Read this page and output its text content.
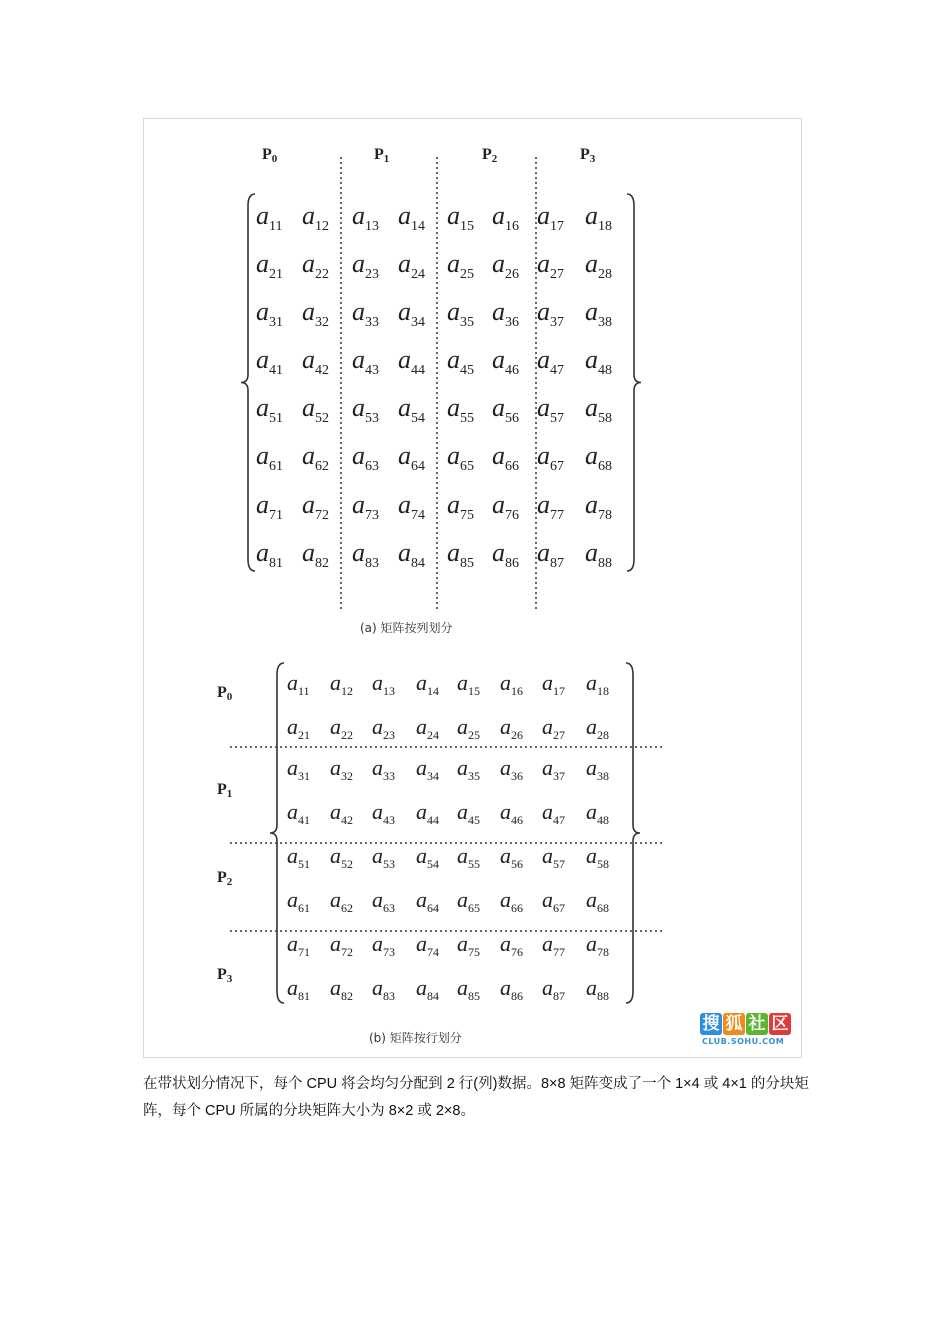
P0	P1	P2	P3
$a_{11}$ $a_{12}$ $a_{13}$ $a_{14}$ $a_{15}$ $a_{16}$ $a_{17}$ $a_{18}$
$a_{21}$ $a_{22}$ $a_{23}$ $a_{24}$ $a_{25}$ $a_{26}$ $a_{27}$ $a_{28}$
$a_{31}$ $a_{32}$ $a_{33}$ $a_{34}$ $a_{35}$ $a_{36}$ $a_{37}$ $a_{38}$
$a_{41}$ $a_{42}$ $a_{43}$ $a_{44}$ $a_{45}$ $a_{46}$ $a_{47}$ $a_{48}$
$a_{51}$ $a_{52}$ $a_{53}$ $a_{54}$ $a_{55}$ $a_{56}$ $a_{57}$ $a_{58}$
$a_{61}$ $a_{62}$ $a_{63}$ $a_{64}$ $a_{65}$ $a_{66}$ $a_{67}$ $a_{68}$
$a_{71}$ $a_{72}$ $a_{73}$ $a_{74}$ $a_{75}$ $a_{76}$ $a_{77}$ $a_{78}$
$a_{81}$ $a_{82}$ $a_{83}$ $a_{84}$ $a_{85}$ $a_{86}$ $a_{87}$ $a_{88}$
(a) 矩阵按列划分
P0
P1
P2
P3
$a_{11}$ $a_{12}$ $a_{13}$ $a_{14}$ $a_{15}$ $a_{16}$ $a_{17}$ $a_{18}$
$a_{21}$ $a_{22}$ $a_{23}$ $a_{24}$ $a_{25}$ $a_{26}$ $a_{27}$ $a_{28}$
$a_{31}$ $a_{32}$ $a_{33}$ $a_{34}$ $a_{35}$ $a_{36}$ $a_{37}$ $a_{38}$
$a_{41}$ $a_{42}$ $a_{43}$ $a_{44}$ $a_{45}$ $a_{46}$ $a_{47}$ $a_{48}$
$a_{51}$ $a_{52}$ $a_{53}$ $a_{54}$ $a_{55}$ $a_{56}$ $a_{57}$ $a_{58}$
$a_{61}$ $a_{62}$ $a_{63}$ $a_{64}$ $a_{65}$ $a_{66}$ $a_{67}$ $a_{68}$
$a_{71}$ $a_{72}$ $a_{73}$ $a_{74}$ $a_{75}$ $a_{76}$ $a_{77}$ $a_{78}$
$a_{81}$ $a_{82}$ $a_{83}$ $a_{84}$ $a_{85}$ $a_{86}$ $a_{87}$ $a_{88}$
(b) 矩阵按行划分
搜 狐 社 区
CLUB.SOHU.COM
在带状划分情况下，每个 CPU 将会均匀分配到 2 行(列)数据。8×8 矩阵变成了一个 1×4 或 4×1 的分块矩阵，每个 CPU 所属的分块矩阵大小为 8×2 或 2×8。
